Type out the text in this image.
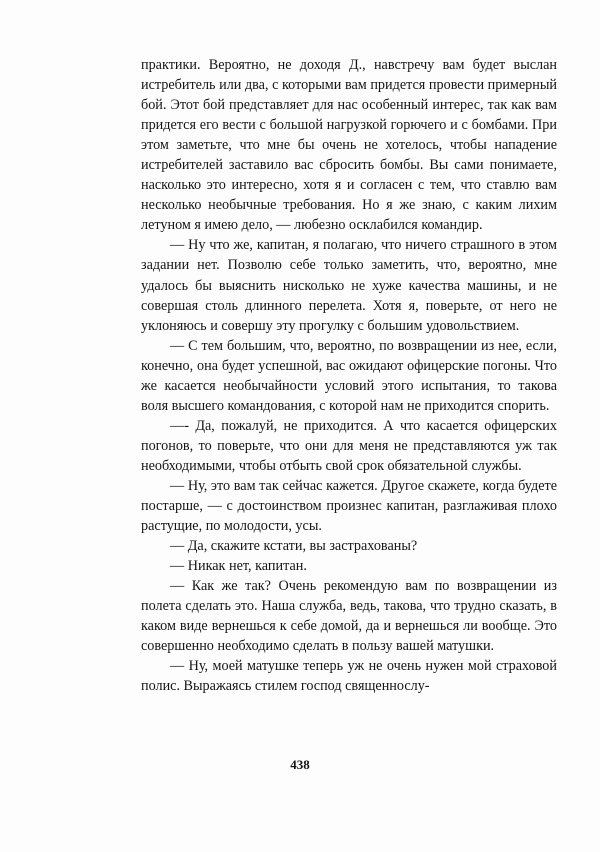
практики. Вероятно, не доходя Д., навстречу вам будет выслан истребитель или два, с которыми вам придется провести примерный бой. Этот бой представляет для нас особенный интерес, так как вам придется его вести с большой нагрузкой горючего и с бомбами. При этом заметьте, что мне бы очень не хотелось, чтобы нападение истребителей заставило вас сбросить бомбы. Вы сами понимаете, насколько это интересно, хотя я и согласен с тем, что ставлю вам несколько необычные требования. Но я же знаю, с каким лихим летуном я имею дело, — любезно осклабился командир.

— Ну что же, капитан, я полагаю, что ничего страшного в этом задании нет. Позволю себе только заметить, что, вероятно, мне удалось бы выяснить нисколько не хуже качества машины, и не совершая столь длинного перелета. Хотя я, поверьте, от него не уклоняюсь и совершу эту прогулку с большим удовольствием.

— С тем большим, что, вероятно, по возвращении из нее, если, конечно, она будет успешной, вас ожидают офицерские погоны. Что же касается необычайности условий этого испытания, то такова воля высшего командования, с которой нам не приходится спорить.

—- Да, пожалуй, не приходится. А что касается офицерских погонов, то поверьте, что они для меня не представляются уж так необходимыми, чтобы отбыть свой срок обязательной службы.

— Ну, это вам так сейчас кажется. Другое скажете, когда будете постарше, — с достоинством произнес капитан, разглаживая плохо растущие, по молодости, усы.

— Да, скажите кстати, вы застрахованы?

— Никак нет, капитан.

— Как же так? Очень рекомендую вам по возвращении из полета сделать это. Наша служба, ведь, такова, что трудно сказать, в каком виде вернешься к себе домой, да и вернешься ли вообще. Это совершенно необходимо сделать в пользу вашей матушки.

— Ну, моей матушке теперь уж не очень нужен мой страховой полис. Выражаясь стилем господ священнослу-

438
